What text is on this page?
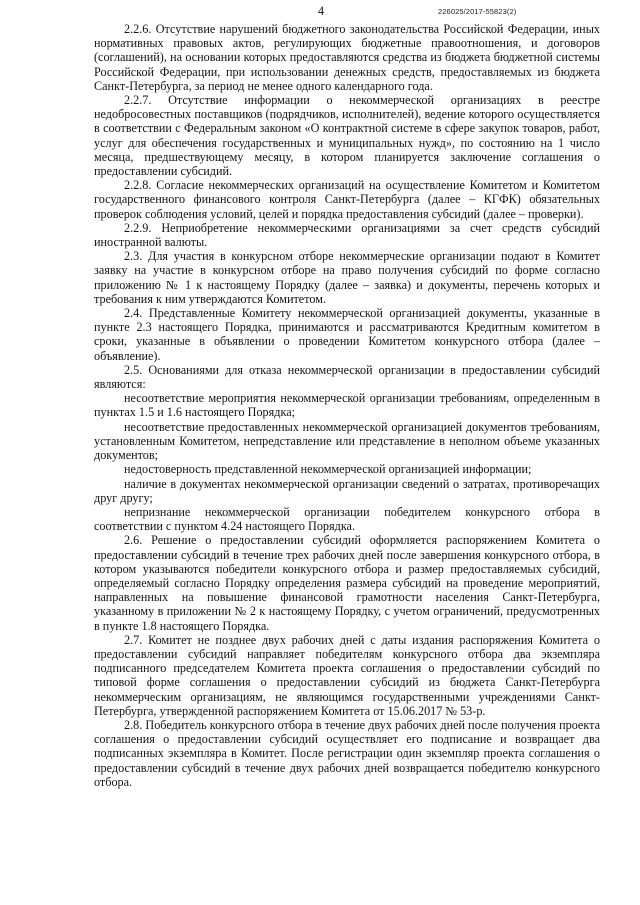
4	226025/2017-55823(2)

2.2.6. Отсутствие нарушений бюджетного законодательства Российской Федерации, иных нормативных правовых актов, регулирующих бюджетные правоотношения, и договоров (соглашений), на основании которых предоставляются средства из бюджета бюджетной системы Российской Федерации, при использовании денежных средств, предоставляемых из бюджета Санкт-Петербурга, за период не менее одного календарного года.

2.2.7. Отсутствие информации о некоммерческой организациях в реестре недобросовестных поставщиков (подрядчиков, исполнителей), ведение которого осуществляется в соответствии с Федеральным законом «О контрактной системе в сфере закупок товаров, работ, услуг для обеспечения государственных и муниципальных нужд», по состоянию на 1 число месяца, предшествующему месяцу, в котором планируется заключение соглашения о предоставлении субсидий.

2.2.8. Согласие некоммерческих организаций на осуществление Комитетом и Комитетом государственного финансового контроля Санкт-Петербурга (далее – КГФК) обязательных проверок соблюдения условий, целей и порядка предоставления субсидий (далее – проверки).

2.2.9. Неприобретение некоммерческими организациями за счет средств субсидий иностранной валюты.

2.3. Для участия в конкурсном отборе некоммерческие организации подают в Комитет заявку на участие в конкурсном отборе на право получения субсидий по форме согласно приложению № 1 к настоящему Порядку (далее – заявка) и документы, перечень которых и требования к ним утверждаются Комитетом.

2.4. Представленные Комитету некоммерческой организацией документы, указанные в пункте 2.3 настоящего Порядка, принимаются и рассматриваются Кредитным комитетом в сроки, указанные в объявлении о проведении Комитетом конкурсного отбора (далее – объявление).

2.5. Основаниями для отказа некоммерческой организации в предоставлении субсидий являются:

несоответствие мероприятия некоммерческой организации требованиям, определенным в пунктах 1.5 и 1.6 настоящего Порядка;

несоответствие предоставленных некоммерческой организацией документов требованиям, установленным Комитетом, непредставление или представление в неполном объеме указанных документов;

недостоверность представленной некоммерческой организацией информации;

наличие в документах некоммерческой организации сведений о затратах, противоречащих друг другу;

непризнание некоммерческой организации победителем конкурсного отбора в соответствии с пунктом 4.24 настоящего Порядка.

2.6. Решение о предоставлении субсидий оформляется распоряжением Комитета о предоставлении субсидий в течение трех рабочих дней после завершения конкурсного отбора, в котором указываются победители конкурсного отбора и размер предоставляемых субсидий, определяемый согласно Порядку определения размера субсидий на проведение мероприятий, направленных на повышение финансовой грамотности населения Санкт-Петербурга, указанному в приложении № 2 к настоящему Порядку, с учетом ограничений, предусмотренных в пункте 1.8 настоящего Порядка.

2.7. Комитет не позднее двух рабочих дней с даты издания распоряжения Комитета о предоставлении субсидий направляет победителям конкурсного отбора два экземпляра подписанного председателем Комитета проекта соглашения о предоставлении субсидий по типовой форме соглашения о предоставлении субсидий из бюджета Санкт-Петербурга некоммерческим организациям, не являющимся государственными учреждениями Санкт-Петербурга, утвержденной распоряжением Комитета от 15.06.2017 № 53-р.

2.8. Победитель конкурсного отбора в течение двух рабочих дней после получения проекта соглашения о предоставлении субсидий осуществляет его подписание и возвращает два подписанных экземпляра в Комитет. После регистрации один экземпляр проекта соглашения о предоставлении субсидий в течение двух рабочих дней возвращается победителю конкурсного отбора.
